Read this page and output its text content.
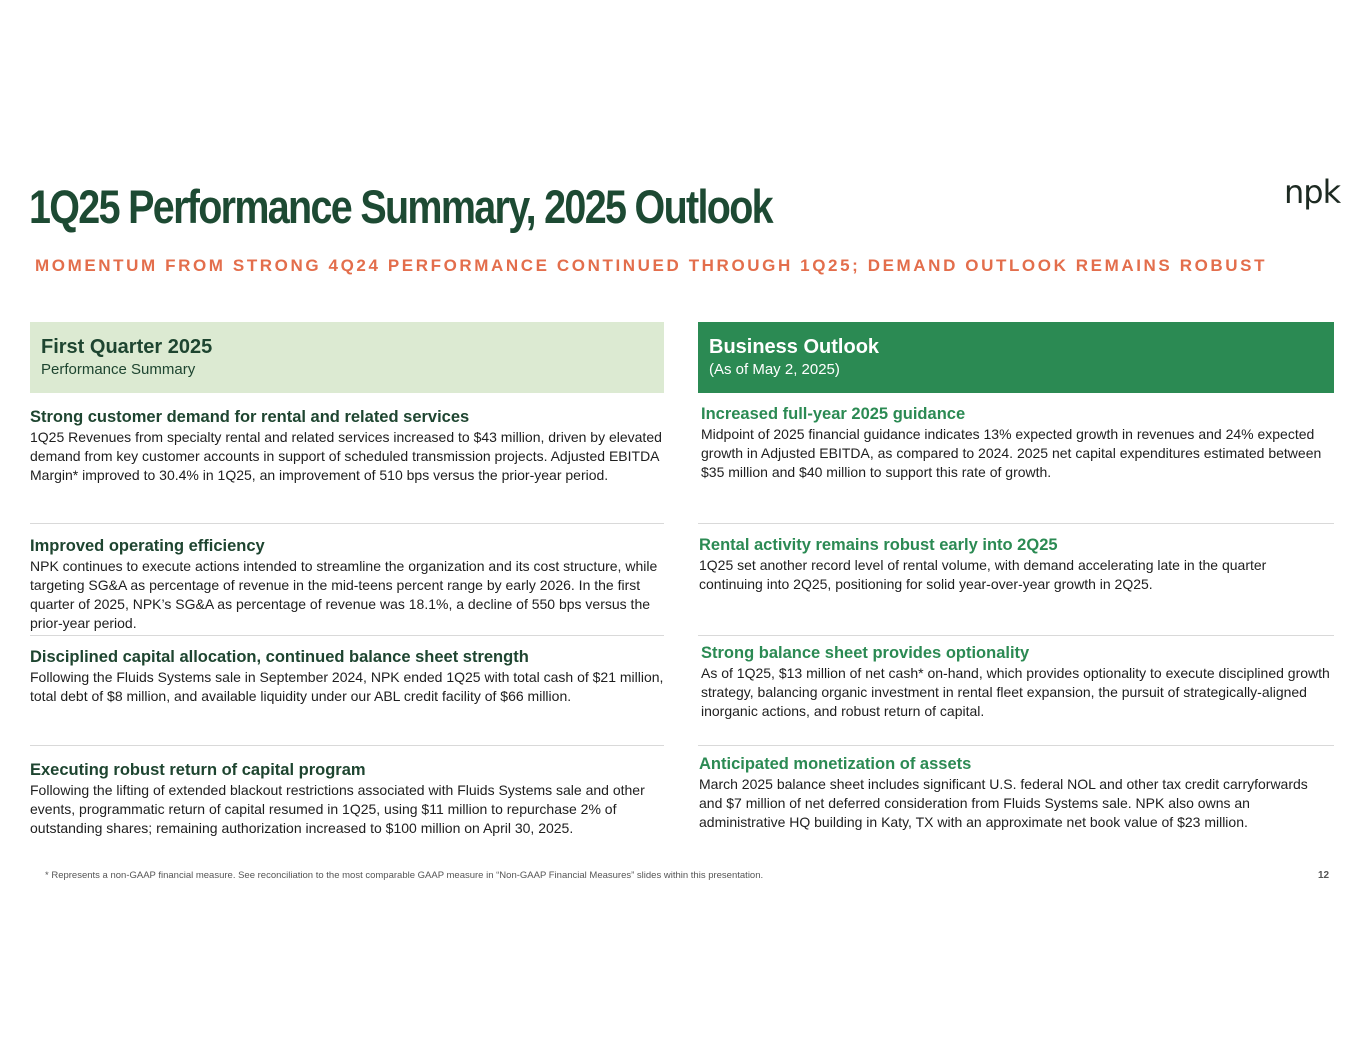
1Q25 Performance Summary, 2025 Outlook	npk
MOMENTUM FROM STRONG 4Q24 PERFORMANCE CONTINUED THROUGH 1Q25; DEMAND OUTLOOK REMAINS ROBUST
First Quarter 2025
Performance Summary
Business Outlook
(As of May 2, 2025)
Strong customer demand for rental and related services
1Q25 Revenues from specialty rental and related services increased to $43 million, driven by elevated demand from key customer accounts in support of scheduled transmission projects. Adjusted EBITDA Margin* improved to 30.4% in 1Q25, an improvement of 510 bps versus the prior-year period.
Improved operating efficiency
NPK continues to execute actions intended to streamline the organization and its cost structure, while targeting SG&A as percentage of revenue in the mid-teens percent range by early 2026. In the first quarter of 2025, NPK’s SG&A as percentage of revenue was 18.1%, a decline of 550 bps versus the prior-year period.
Disciplined capital allocation, continued balance sheet strength
Following the Fluids Systems sale in September 2024, NPK ended 1Q25 with total cash of $21 million, total debt of $8 million, and available liquidity under our ABL credit facility of $66 million.
Executing robust return of capital program
Following the lifting of extended blackout restrictions associated with Fluids Systems sale and other events, programmatic return of capital resumed in 1Q25, using $11 million to repurchase 2% of outstanding shares; remaining authorization increased to $100 million on April 30, 2025.
Increased full-year 2025 guidance
Midpoint of 2025 financial guidance indicates 13% expected growth in revenues and 24% expected growth in Adjusted EBITDA, as compared to 2024. 2025 net capital expenditures estimated between $35 million and $40 million to support this rate of growth.
Rental activity remains robust early into 2Q25
1Q25 set another record level of rental volume, with demand accelerating late in the quarter continuing into 2Q25, positioning for solid year-over-year growth in 2Q25.
Strong balance sheet provides optionality
As of 1Q25, $13 million of net cash* on-hand, which provides optionality to execute disciplined growth strategy, balancing organic investment in rental fleet expansion, the pursuit of strategically-aligned inorganic actions, and robust return of capital.
Anticipated monetization of assets
March 2025 balance sheet includes significant U.S. federal NOL and other tax credit carryforwards and $7 million of net deferred consideration from Fluids Systems sale. NPK also owns an administrative HQ building in Katy, TX with an approximate net book value of $23 million.
* Represents a non-GAAP financial measure. See reconciliation to the most comparable GAAP measure in “Non-GAAP Financial Measures” slides within this presentation.	12
